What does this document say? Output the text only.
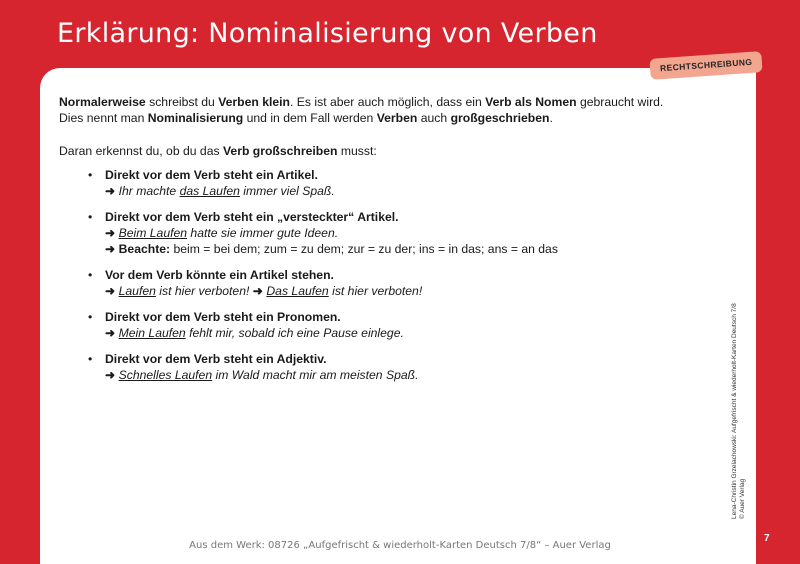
Erklärung: Nominalisierung von Verben
RECHTSCHREIBUNG

Normalerweise schreibst du Verben klein. Es ist aber auch möglich, dass ein Verb als Nomen gebraucht wird.

Dies nennt man Nominalisierung und in dem Fall werden Verben auch großgeschrieben.

Daran erkennst du, ob du das Verb großschreiben musst:

• Direkt vor dem Verb steht ein Artikel.
➜ Ihr machte das Laufen immer viel Spaß.
• Direkt vor dem Verb steht ein „versteckter“ Artikel.
➜ Beim Laufen hatte sie immer gute Ideen.
➜ Beachte: beim = bei dem; zum = zu dem; zur = zu der; ins = in das; ans = an das
• Vor dem Verb könnte ein Artikel stehen.
➜ Laufen ist hier verboten! ➜ Das Laufen ist hier verboten!
• Direkt vor dem Verb steht ein Pronomen.
➜ Mein Laufen fehlt mir, sobald ich eine Pause einlege.
• Direkt vor dem Verb steht ein Adjektiv.
➜ Schnelles Laufen im Wald macht mir am meisten Spaß.	Lena-Christin Grzelachowski: Aufgefrischt & wiederholt-Karten Deutsch 7/8 © Auer Verlag
7
Aus dem Werk: 08726 „Aufgefrischt & wiederholt-Karten Deutsch 7/8“ – Auer Verlag
